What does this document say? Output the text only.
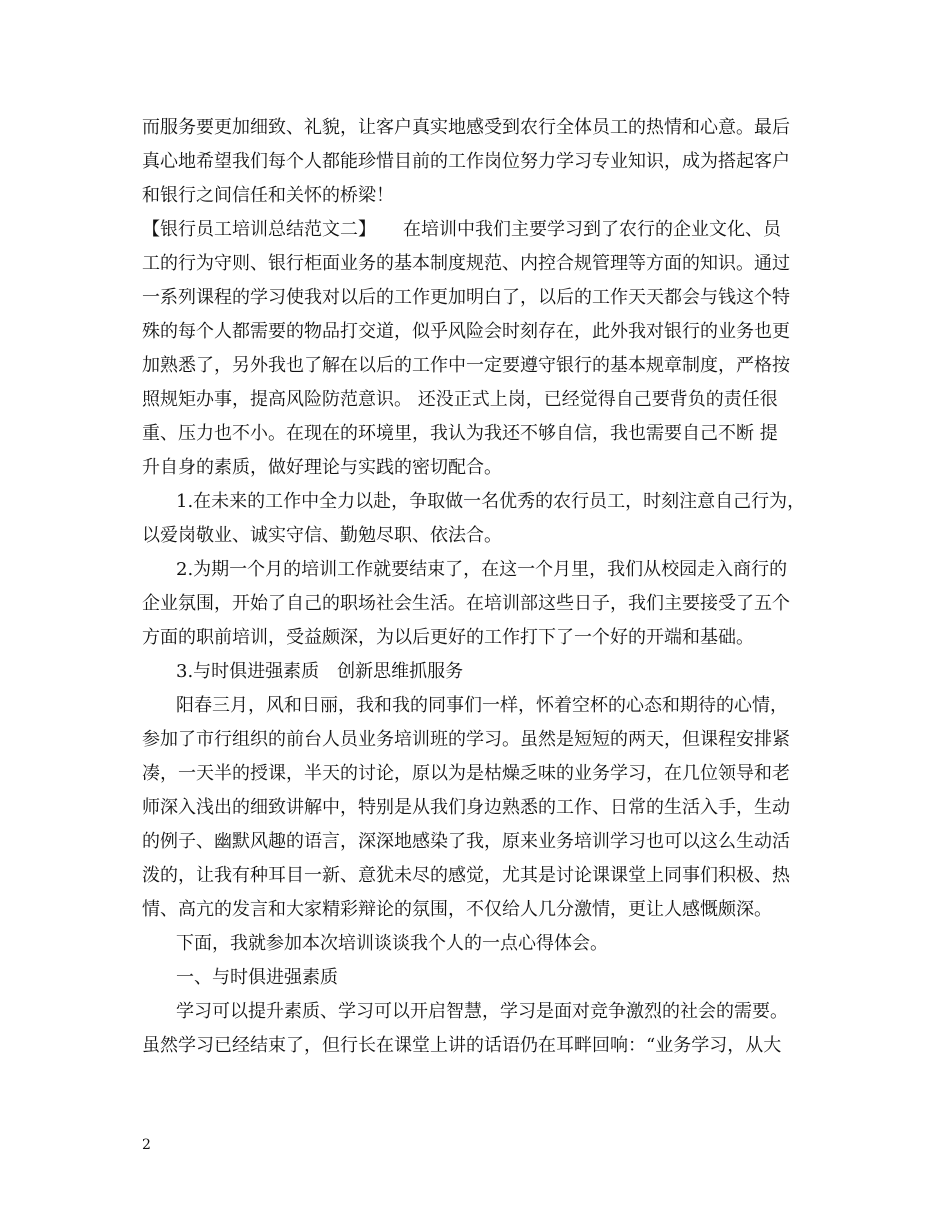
而服务要更加细致、礼貌，让客户真实地感受到农行全体员工的热情和心意。最后
真心地希望我们每个人都能珍惜目前的工作岗位努力学习专业知识，成为搭起客户
和银行之间信任和关怀的桥梁！
【银行员工培训总结范文二】　　在培训中我们主要学习到了农行的企业文化、员
工的行为守则、银行柜面业务的基本制度规范、内控合规管理等方面的知识。通过
一系列课程的学习使我对以后的工作更加明白了，以后的工作天天都会与钱这个特
殊的每个人都需要的物品打交道，似乎风险会时刻存在，此外我对银行的业务也更
加熟悉了，另外我也了解在以后的工作中一定要遵守银行的基本规章制度，严格按
照规矩办事，提高风险防范意识。 还没正式上岗，已经觉得自己要背负的责任很
重、压力也不小。在现在的环境里，我认为我还不够自信，我也需要自己不断 提
升自身的素质，做好理论与实践的密切配合。
1.在未来的工作中全力以赴，争取做一名优秀的农行员工，时刻注意自己行为，
以爱岗敬业、诚实守信、勤勉尽职、依法合。
2.为期一个月的培训工作就要结束了，在这一个月里，我们从校园走入商行的
企业氛围，开始了自己的职场社会生活。在培训部这些日子，我们主要接受了五个
方面的职前培训，受益颇深，为以后更好的工作打下了一个好的开端和基础。
3.与时俱进强素质　创新思维抓服务
阳春三月，风和日丽，我和我的同事们一样，怀着空杯的心态和期待的心情，
参加了市行组织的前台人员业务培训班的学习。虽然是短短的两天，但课程安排紧
凑，一天半的授课，半天的讨论，原以为是枯燥乏味的业务学习，在几位领导和老
师深入浅出的细致讲解中，特别是从我们身边熟悉的工作、日常的生活入手，生动
的例子、幽默风趣的语言，深深地感染了我，原来业务培训学习也可以这么生动活
泼的，让我有种耳目一新、意犹未尽的感觉，尤其是讨论课课堂上同事们积极、热
情、高亢的发言和大家精彩辩论的氛围，不仅给人几分激情，更让人感慨颇深。
下面，我就参加本次培训谈谈我个人的一点心得体会。
一、与时俱进强素质
学习可以提升素质、学习可以开启智慧，学习是面对竞争激烈的社会的需要。
虽然学习已经结束了，但行长在课堂上讲的话语仍在耳畔回响：“业务学习，从大
2
